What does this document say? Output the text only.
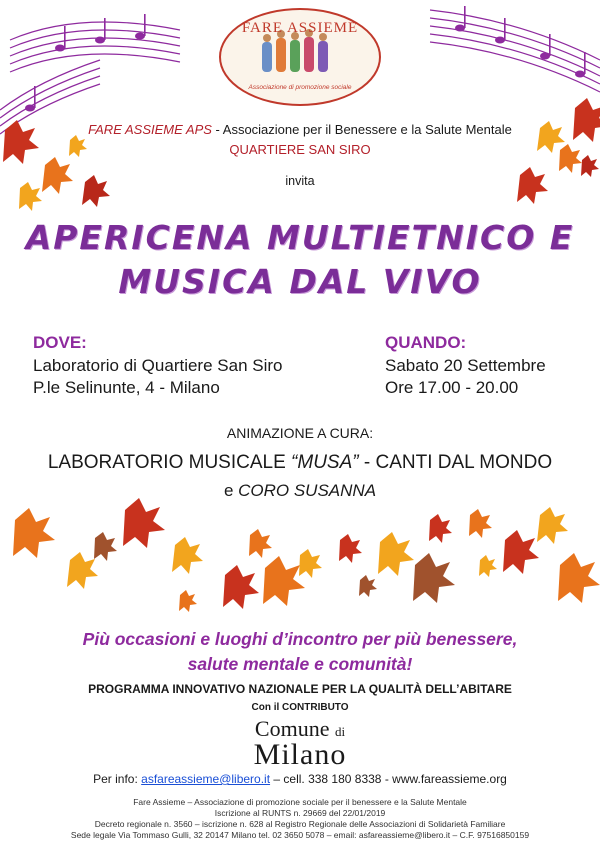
FARE ASSIEME
Associazione di promozione sociale
FARE ASSIEME APS - Associazione per il Benessere e la Salute Mentale
QUARTIERE SAN SIRO
invita
APERICENA MULTIETNICO E
MUSICA DAL VIVO
DOVE:
Laboratorio di Quartiere San Siro
P.le Selinunte, 4 - Milano
QUANDO:
Sabato 20 Settembre
Ore 17.00 - 20.00
ANIMAZIONE A CURA:
LABORATORIO MUSICALE “MUSA” - CANTI DAL MONDO
e CORO SUSANNA
Più occasioni e luoghi d’incontro per più benessere,
salute mentale e comunità!
PROGRAMMA INNOVATIVO NAZIONALE PER LA QUALITÀ DELL’ABITARE
Con il CONTRIBUTO
Comune di
Milano
Per info: asfareassieme@libero.it – cell. 338 180 8338 - www.fareassieme.org
Fare Assieme – Associazione di promozione sociale per il benessere e la Salute Mentale
Iscrizione al RUNTS n. 29669 del 22/01/2019
Decreto regionale n. 3560 – iscrizione n. 628 al Registro Regionale delle Associazioni di Solidarietà Familiare
Sede legale Via Tommaso Gulli, 32 20147 Milano tel. 02 3650 5078 – email: asfareassieme@libero.it – C.F. 97516850159
